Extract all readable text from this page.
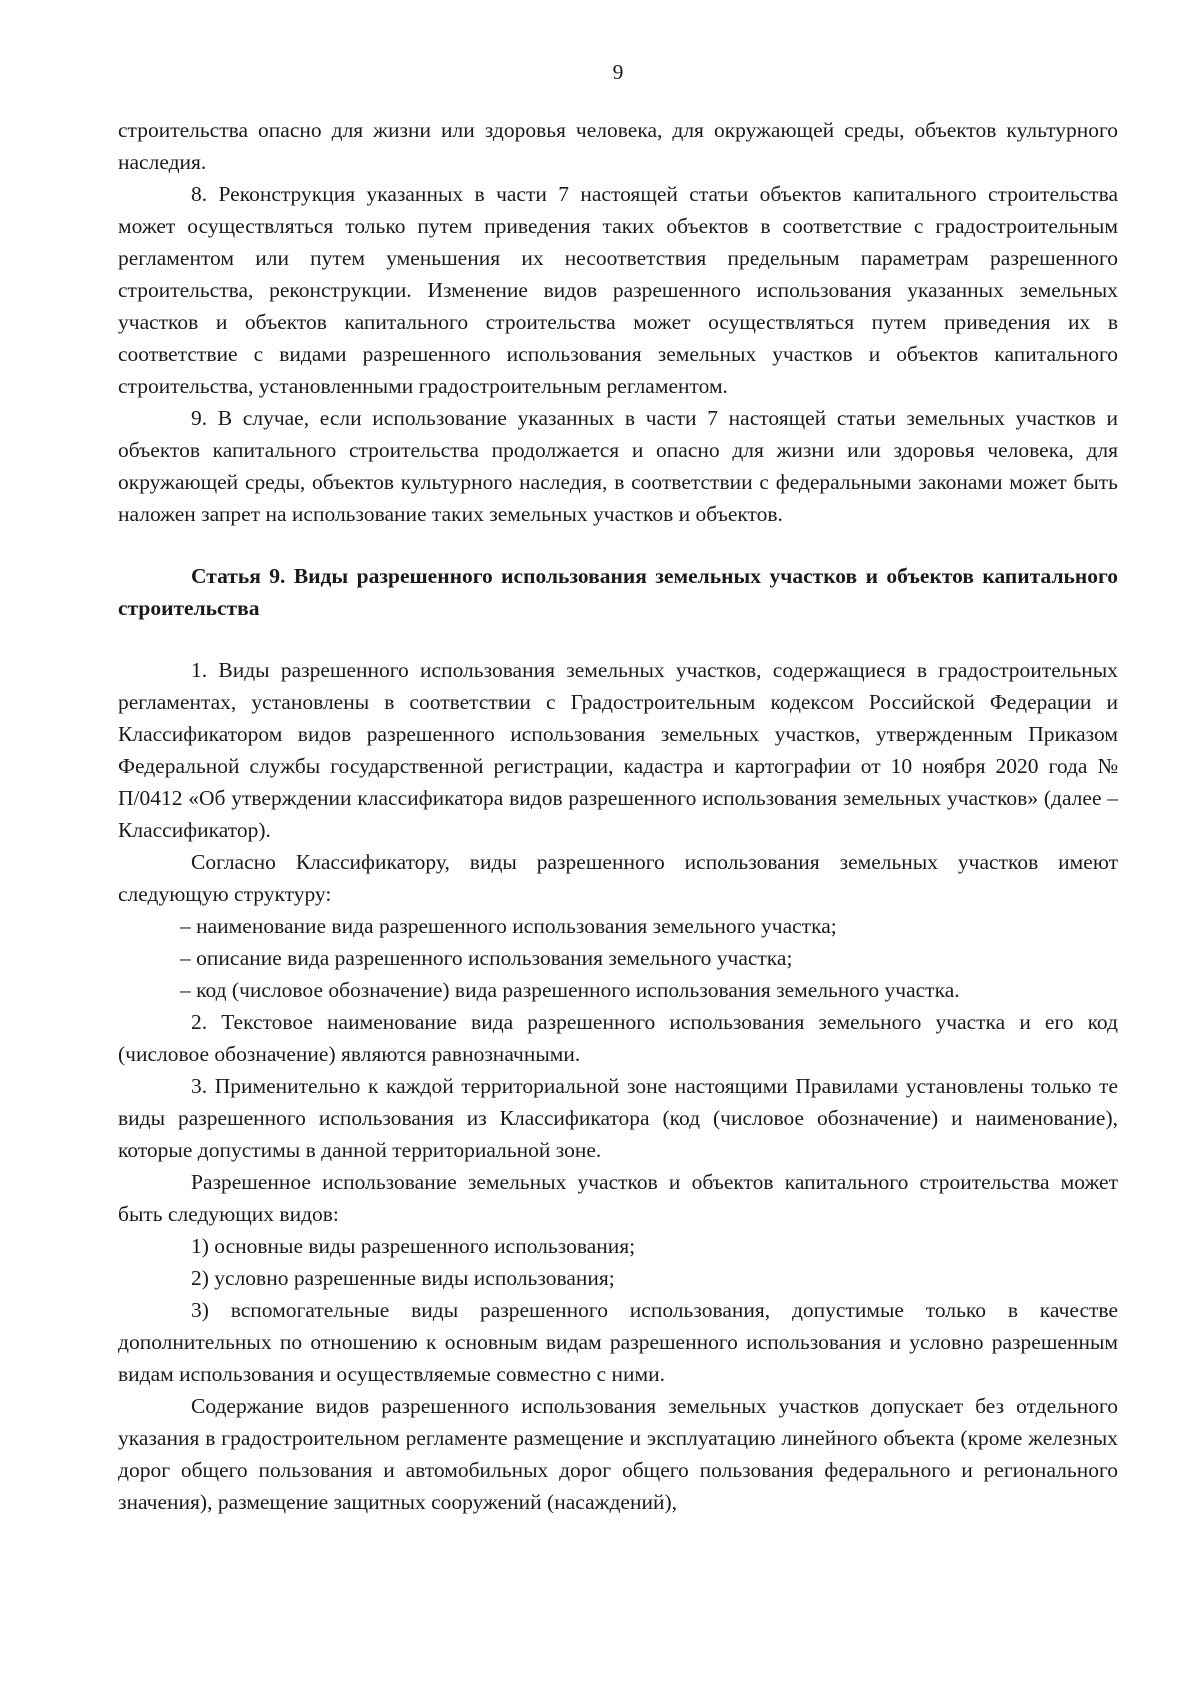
9

строительства опасно для жизни или здоровья человека, для окружающей среды, объектов культурного наследия.

8. Реконструкция указанных в части 7 настоящей статьи объектов капитального строительства может осуществляться только путем приведения таких объектов в соответствие с градостроительным регламентом или путем уменьшения их несоответствия предельным параметрам разрешенного строительства, реконструкции. Изменение видов разрешенного использования указанных земельных участков и объектов капитального строительства может осуществляться путем приведения их в соответствие с видами разрешенного использования земельных участков и объектов капитального строительства, установленными градостроительным регламентом.

9. В случае, если использование указанных в части 7 настоящей статьи земельных участков и объектов капитального строительства продолжается и опасно для жизни или здоровья человека, для окружающей среды, объектов культурного наследия, в соответствии с федеральными законами может быть наложен запрет на использование таких земельных участков и объектов.

Статья 9. Виды разрешенного использования земельных участков и объектов капитального строительства

1. Виды разрешенного использования земельных участков, содержащиеся в градостроительных регламентах, установлены в соответствии с Градостроительным кодексом Российской Федерации и Классификатором видов разрешенного использования земельных участков, утвержденным Приказом Федеральной службы государственной регистрации, кадастра и картографии от 10 ноября 2020 года № П/0412 «Об утверждении классификатора видов разрешенного использования земельных участков» (далее – Классификатор).

Согласно Классификатору, виды разрешенного использования земельных участков имеют следующую структуру:

– наименование вида разрешенного использования земельного участка;

– описание вида разрешенного использования земельного участка;

– код (числовое обозначение) вида разрешенного использования земельного участка.

2. Текстовое наименование вида разрешенного использования земельного участка и его код (числовое обозначение) являются равнозначными.

3. Применительно к каждой территориальной зоне настоящими Правилами установлены только те виды разрешенного использования из Классификатора (код (числовое обозначение) и наименование), которые допустимы в данной территориальной зоне.

Разрешенное использование земельных участков и объектов капитального строительства может быть следующих видов:

1) основные виды разрешенного использования;

2) условно разрешенные виды использования;

3) вспомогательные виды разрешенного использования, допустимые только в качестве дополнительных по отношению к основным видам разрешенного использования и условно разрешенным видам использования и осуществляемые совместно с ними.

Содержание видов разрешенного использования земельных участков допускает без отдельного указания в градостроительном регламенте размещение и эксплуатацию линейного объекта (кроме железных дорог общего пользования и автомобильных дорог общего пользования федерального и регионального значения), размещение защитных сооружений (насаждений),
